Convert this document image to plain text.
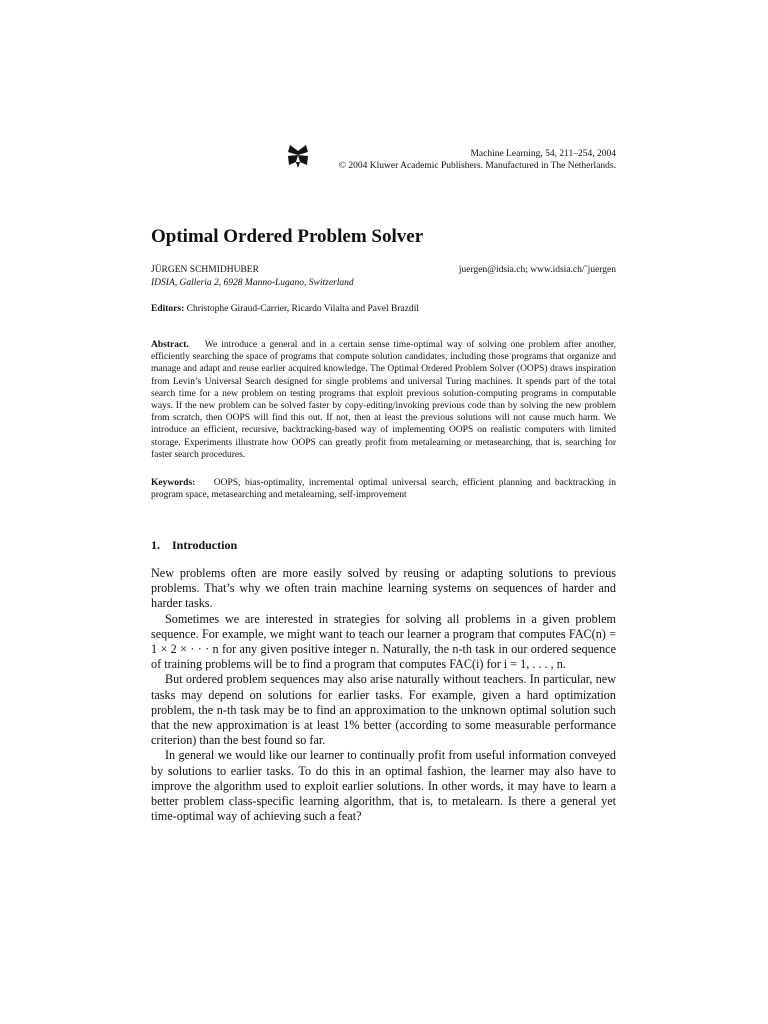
Machine Learning, 54, 211–254, 2004
© 2004 Kluwer Academic Publishers. Manufactured in The Netherlands.
Optimal Ordered Problem Solver
JÜRGEN SCHMIDHUBER	juergen@idsia.ch; www.idsia.ch/˜juergen
IDSIA, Galleria 2, 6928 Manno-Lugano, Switzerland
Editors: Christophe Giraud-Carrier, Ricardo Vilalta and Pavel Brazdil

Abstract. We introduce a general and in a certain sense time-optimal way of solving one problem after another, efficiently searching the space of programs that compute solution candidates, including those programs that organize and manage and adapt and reuse earlier acquired knowledge. The Optimal Ordered Problem Solver (OOPS) draws inspiration from Levin’s Universal Search designed for single problems and universal Turing machines. It spends part of the total search time for a new problem on testing programs that exploit previous solution-computing programs in computable ways. If the new problem can be solved faster by copy-editing/invoking previous code than by solving the new problem from scratch, then OOPS will find this out. If not, then at least the previous solutions will not cause much harm. We introduce an efficient, recursive, backtracking-based way of implementing OOPS on realistic computers with limited storage. Experiments illustrate how OOPS can greatly profit from metalearning or metasearching, that is, searching for faster search procedures.

Keywords: OOPS, bias-optimality, incremental optimal universal search, efficient planning and backtracking in program space, metasearching and metalearning, self-improvement

1. Introduction

New problems often are more easily solved by reusing or adapting solutions to previous problems. That’s why we often train machine learning systems on sequences of harder and harder tasks.

Sometimes we are interested in strategies for solving all problems in a given problem sequence. For example, we might want to teach our learner a program that computes FAC(n) = 1 × 2 × · · · n for any given positive integer n. Naturally, the n-th task in our ordered sequence of training problems will be to find a program that computes FAC(i) for i = 1, . . . , n.

But ordered problem sequences may also arise naturally without teachers. In particular, new tasks may depend on solutions for earlier tasks. For example, given a hard optimization problem, the n-th task may be to find an approximation to the unknown optimal solution such that the new approximation is at least 1% better (according to some measurable performance criterion) than the best found so far.

In general we would like our learner to continually profit from useful information conveyed by solutions to earlier tasks. To do this in an optimal fashion, the learner may also have to improve the algorithm used to exploit earlier solutions. In other words, it may have to learn a better problem class-specific learning algorithm, that is, to metalearn. Is there a general yet time-optimal way of achieving such a feat?
